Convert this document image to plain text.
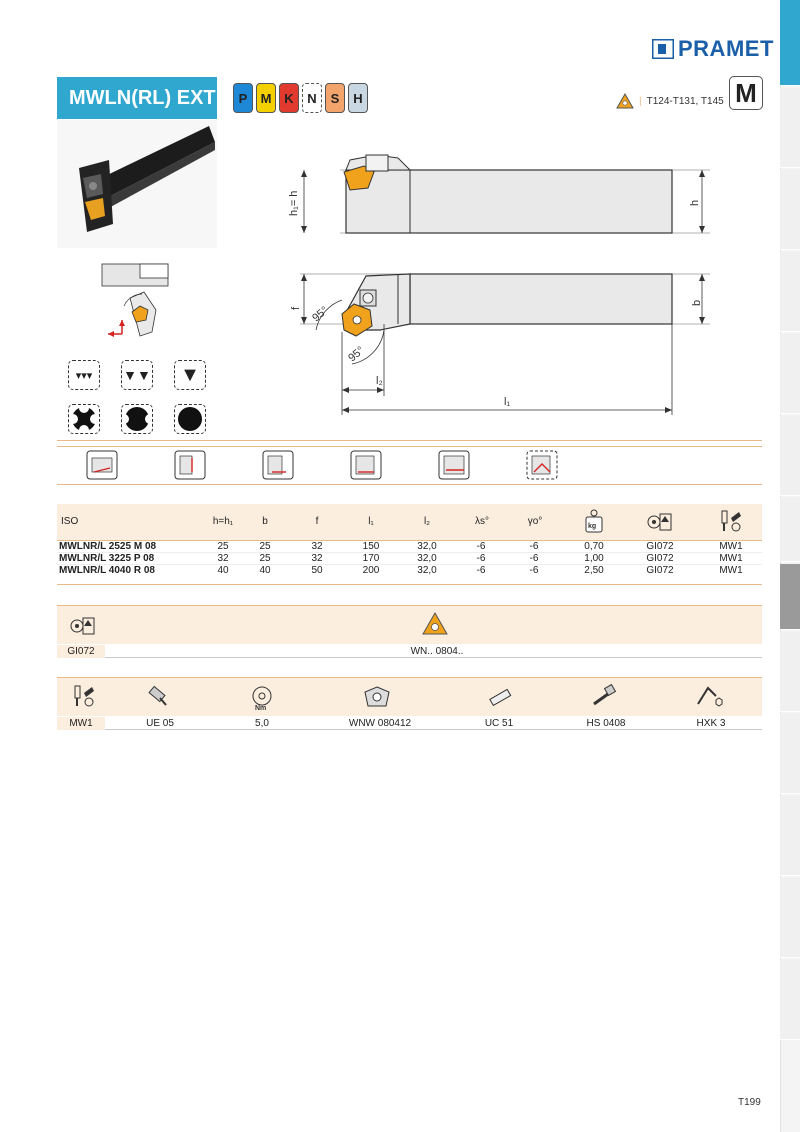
PRAMET
MWLN(RL) EXT P M K N S H	| T124-T131, T145 M
h₁= h	h
f
b
95°
95°
l₂
l₁
▾▾▾	▼▼	▼
ISO	h=h₁	b	f	l₁	l₂	λs°	γo°	kg
MWLNR/L 2525 M 08	25	25	32	150	32,0	-6	-6	0,70	GI072	MW1
MWLNR/L 3225 P 08	32	25	32	170	32,0	-6	-6	1,00	GI072	MW1
MWLNR/L 4040 R 08	40	40	50	200	32,0	-6	-6	2,50	GI072	MW1
GI072	WN.. 0804..
Nm
MW1	UE 05	5,0	WNW 080412	UC 51	HS 0408	HXK 3
T199
